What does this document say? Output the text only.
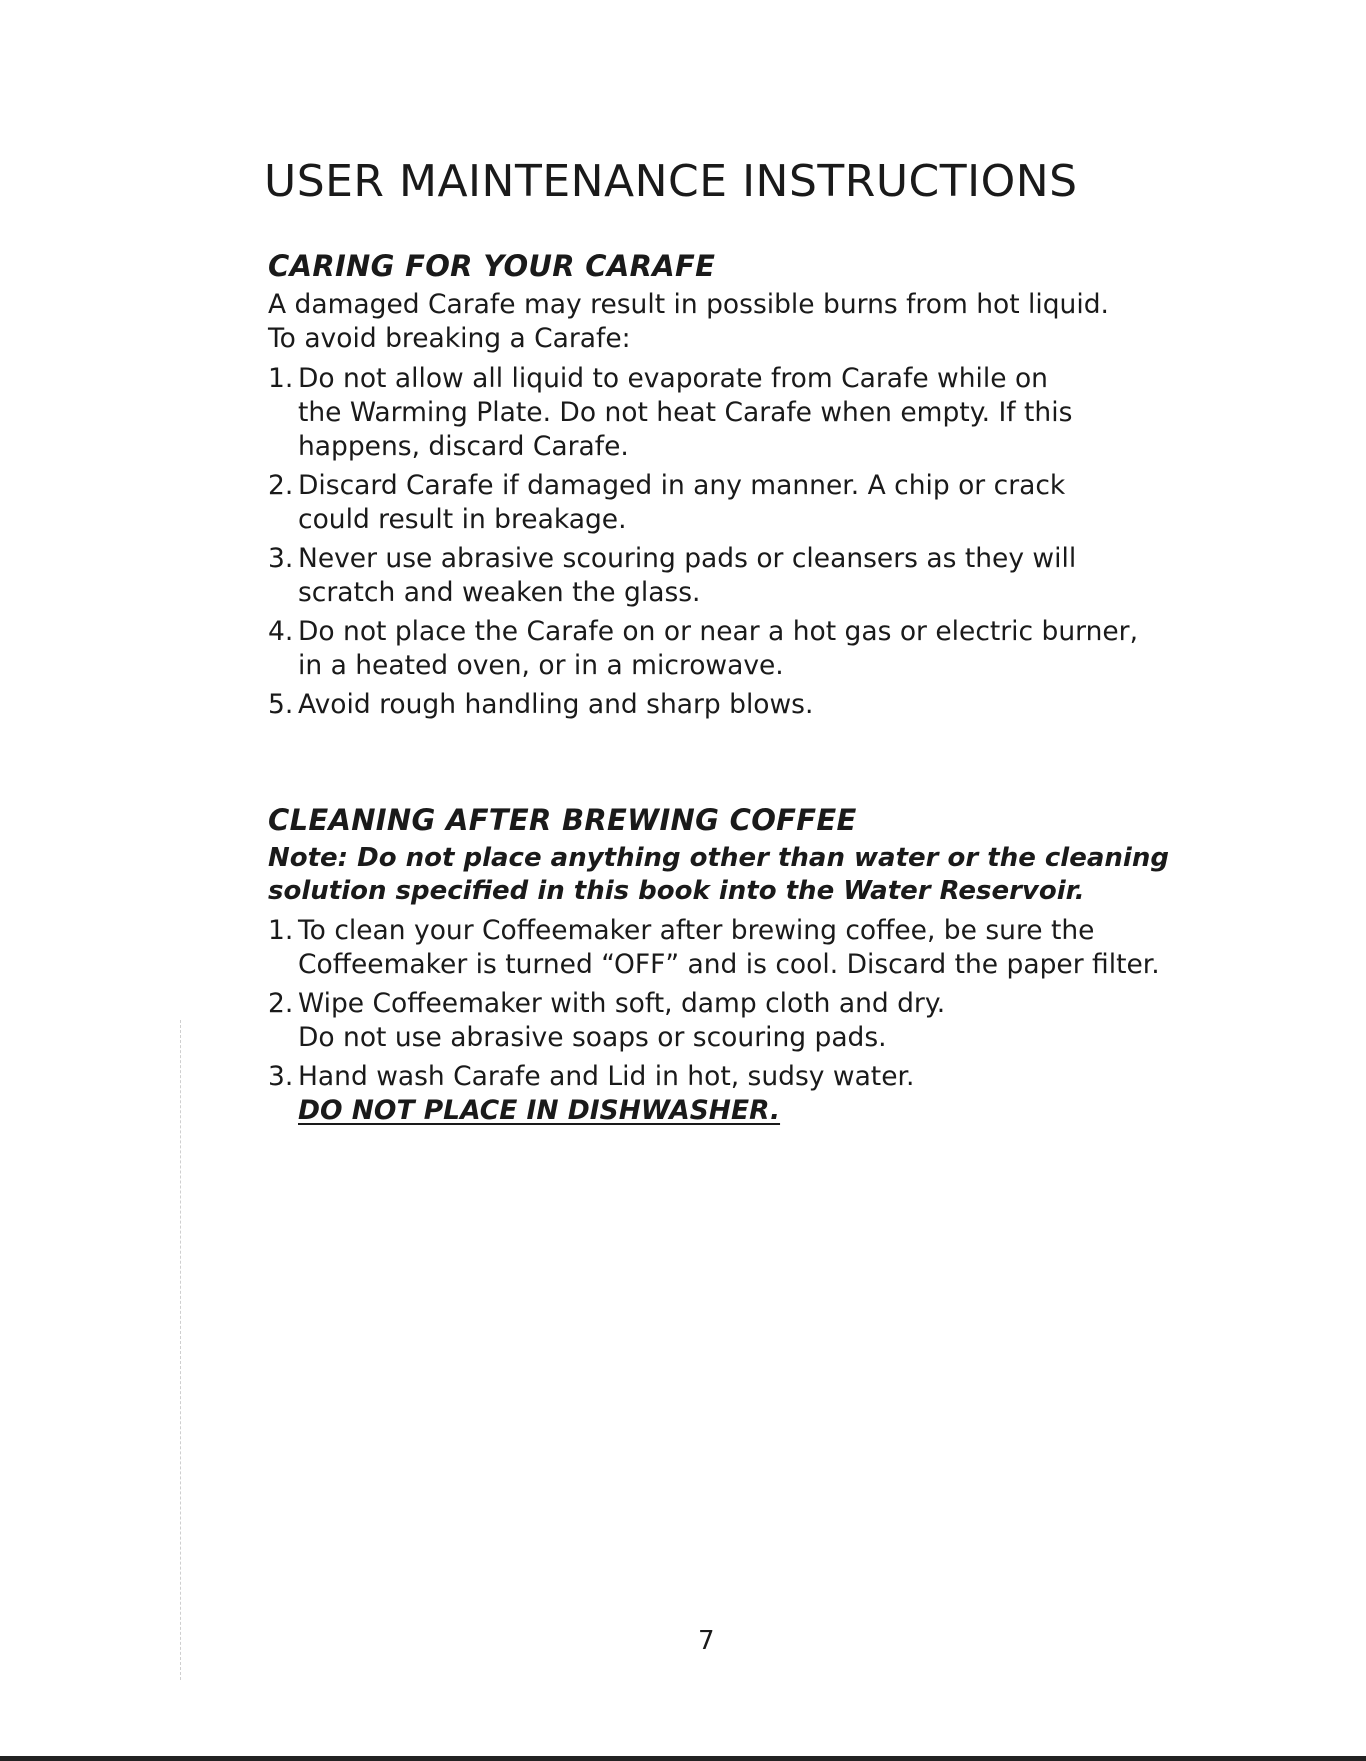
USER MAINTENANCE INSTRUCTIONS
CARING FOR YOUR CARAFE

A damaged Carafe may result in possible burns from hot liquid.

To avoid breaking a Carafe:

1. Do not allow all liquid to evaporate from Carafe while on
the Warming Plate. Do not heat Carafe when empty. If this
happens, discard Carafe.
2. Discard Carafe if damaged in any manner. A chip or crack
could result in breakage.
3. Never use abrasive scouring pads or cleansers as they will
scratch and weaken the glass.
4. Do not place the Carafe on or near a hot gas or electric burner,
in a heated oven, or in a microwave.
5. Avoid rough handling and sharp blows.
CLEANING AFTER BREWING COFFEE

Note: Do not place anything other than water or the cleaning
solution specified in this book into the Water Reservoir.

1. To clean your Coffeemaker after brewing coffee, be sure the
Coffeemaker is turned “OFF” and is cool. Discard the paper filter.
2. Wipe Coffeemaker with soft, damp cloth and dry.
Do not use abrasive soaps or scouring pads.
3. Hand wash Carafe and Lid in hot, sudsy water.
DO NOT PLACE IN DISHWASHER.
7
